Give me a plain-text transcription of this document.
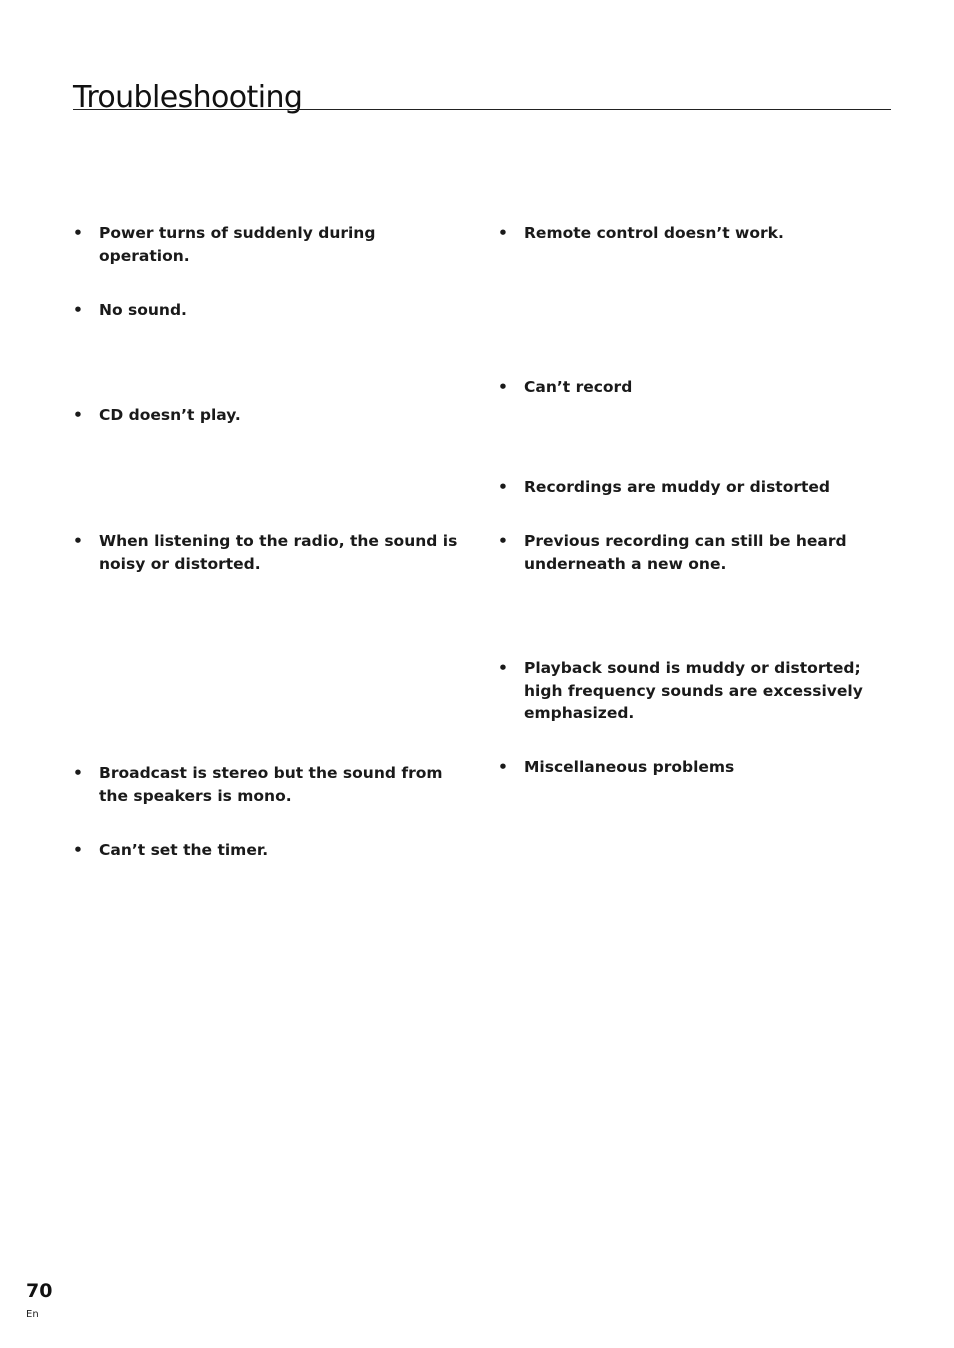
Troubleshooting
• Power turns of suddenly during operation.
• No sound.
• CD doesn’t play.
• When listening to the radio, the sound is noisy or distorted.
• Broadcast is stereo but the sound from the speakers is mono.
• Can’t set the timer.
• Remote control doesn’t work.
• Can’t record
• Recordings are muddy or distorted
• Previous recording can still be heard underneath a new one.
• Playback sound is muddy or distorted; high frequency sounds are excessively emphasized.
• Miscellaneous problems
70
En
